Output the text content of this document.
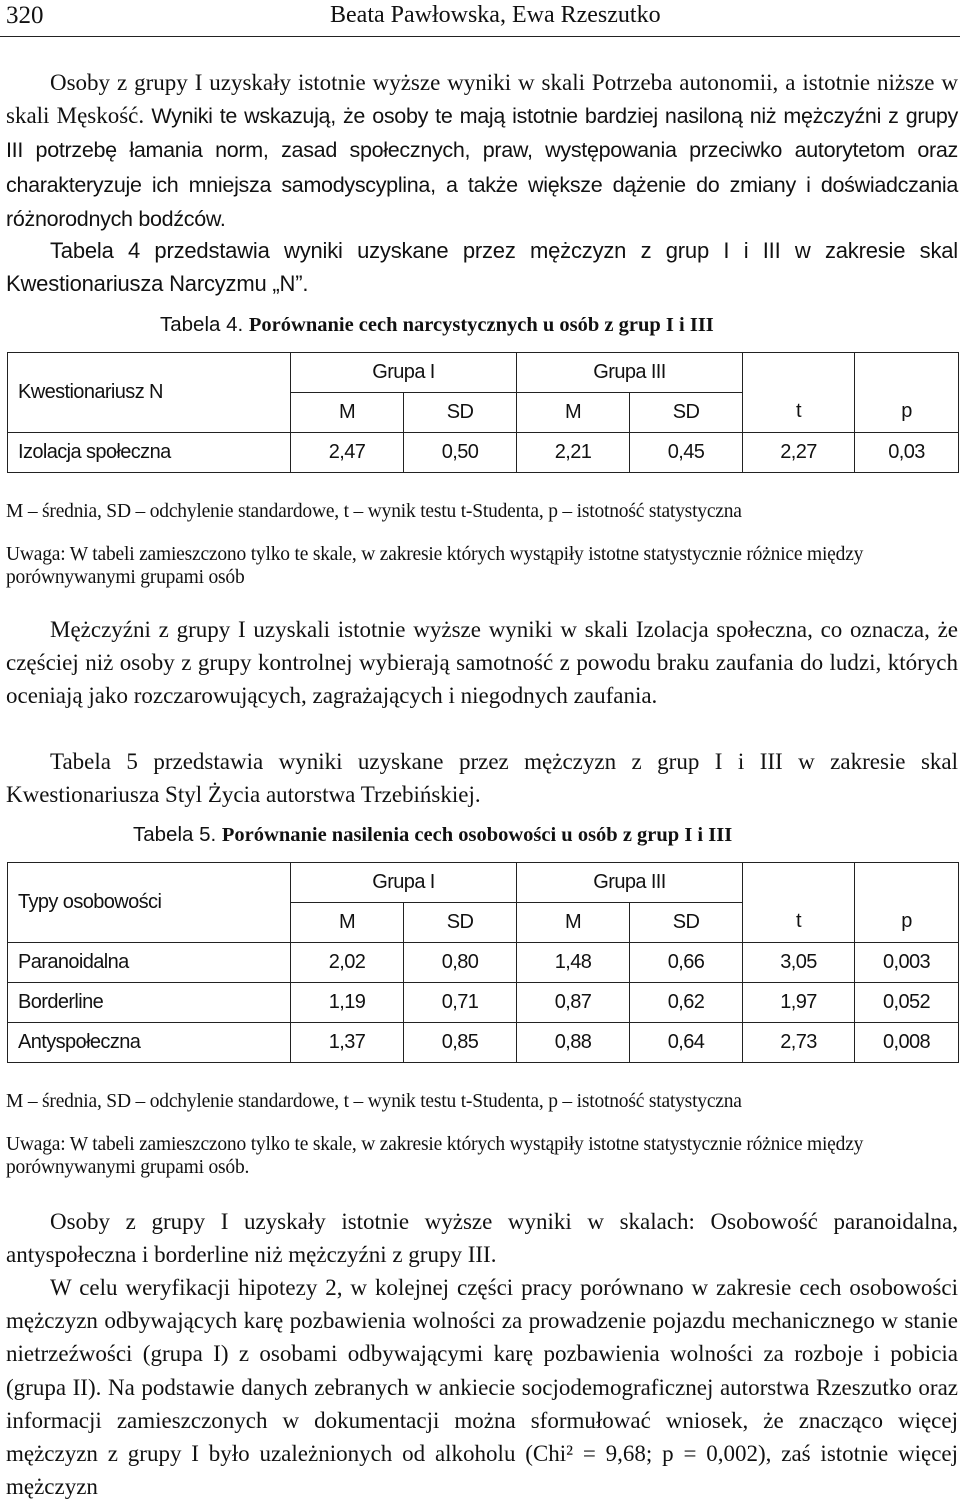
320	Beata Pawłowska, Ewa Rzeszutko

Osoby z grupy I uzyskały istotnie wyższe wyniki w skali Potrzeba autonomii, a istotnie niższe w skali Męskość. Wyniki te wskazują, że osoby te mają istotnie bardziej nasiloną niż mężczyźni z grupy III potrzebę łamania norm, zasad społecznych, praw, występowania przeciwko autorytetom oraz charakteryzuje ich mniejsza samodyscyplina, a także większe dążenie do zmiany i doświadczania różnorodnych bodźców.

Tabela 4 przedstawia wyniki uzyskane przez mężczyzn z grup I i III w zakresie skal Kwestionariusza Narcyzmu „N”.

Tabela 4. Porównanie cech narcystycznych u osób z grup I i III

Kwestionariusz N	Grupa I		Grupa III		t	p
	M	SD	M	SD		
Izolacja społeczna	2,47	0,50	2,21	0,45	2,27	0,03

M – średnia, SD – odchylenie standardowe, t – wynik testu t-Studenta, p – istotność statystyczna

Uwaga: W tabeli zamieszczono tylko te skale, w zakresie których wystąpiły istotne statystycznie różnice między porównywanymi grupami osób

Mężczyźni z grupy I uzyskali istotnie wyższe wyniki w skali Izolacja społeczna, co oznacza, że częściej niż osoby z grupy kontrolnej wybierają samotność z powodu braku zaufania do ludzi, których oceniają jako rozczarowujących, zagrażających i niegodnych zaufania.

Tabela 5 przedstawia wyniki uzyskane przez mężczyzn z grup I i III w zakresie skal Kwestionariusza Styl Życia autorstwa Trzebińskiej.

Tabela 5. Porównanie nasilenia cech osobowości u osób z grup I i III

Typy osobowości	Grupa I		Grupa III		t	p
	M	SD	M	SD		
Paranoidalna	2,02	0,80	1,48	0,66	3,05	0,003
Borderline	1,19	0,71	0,87	0,62	1,97	0,052
Antyspołeczna	1,37	0,85	0,88	0,64	2,73	0,008

M – średnia, SD – odchylenie standardowe, t – wynik testu t-Studenta, p – istotność statystyczna

Uwaga: W tabeli zamieszczono tylko te skale, w zakresie których wystąpiły istotne statystycznie różnice między porównywanymi grupami osób.

Osoby z grupy I uzyskały istotnie wyższe wyniki w skalach: Osobowość paranoidalna, antyspołeczna i borderline niż mężczyźni z grupy III.

W celu weryfikacji hipotezy 2, w kolejnej części pracy porównano w zakresie cech osobowości mężczyzn odbywających karę pozbawienia wolności za prowadzenie pojazdu mechanicznego w stanie nietrzeźwości (grupa I) z osobami odbywającymi karę pozbawienia wolności za rozboje i pobicia (grupa II). Na podstawie danych zebranych w ankiecie socjodemograficznej autorstwa Rzeszutko oraz informacji zamieszczonych w dokumentacji można sformułować wniosek, że znacząco więcej mężczyzn z grupy I było uzależnionych od alkoholu (Chi² = 9,68; p = 0,002), zaś istotnie więcej mężczyzn
